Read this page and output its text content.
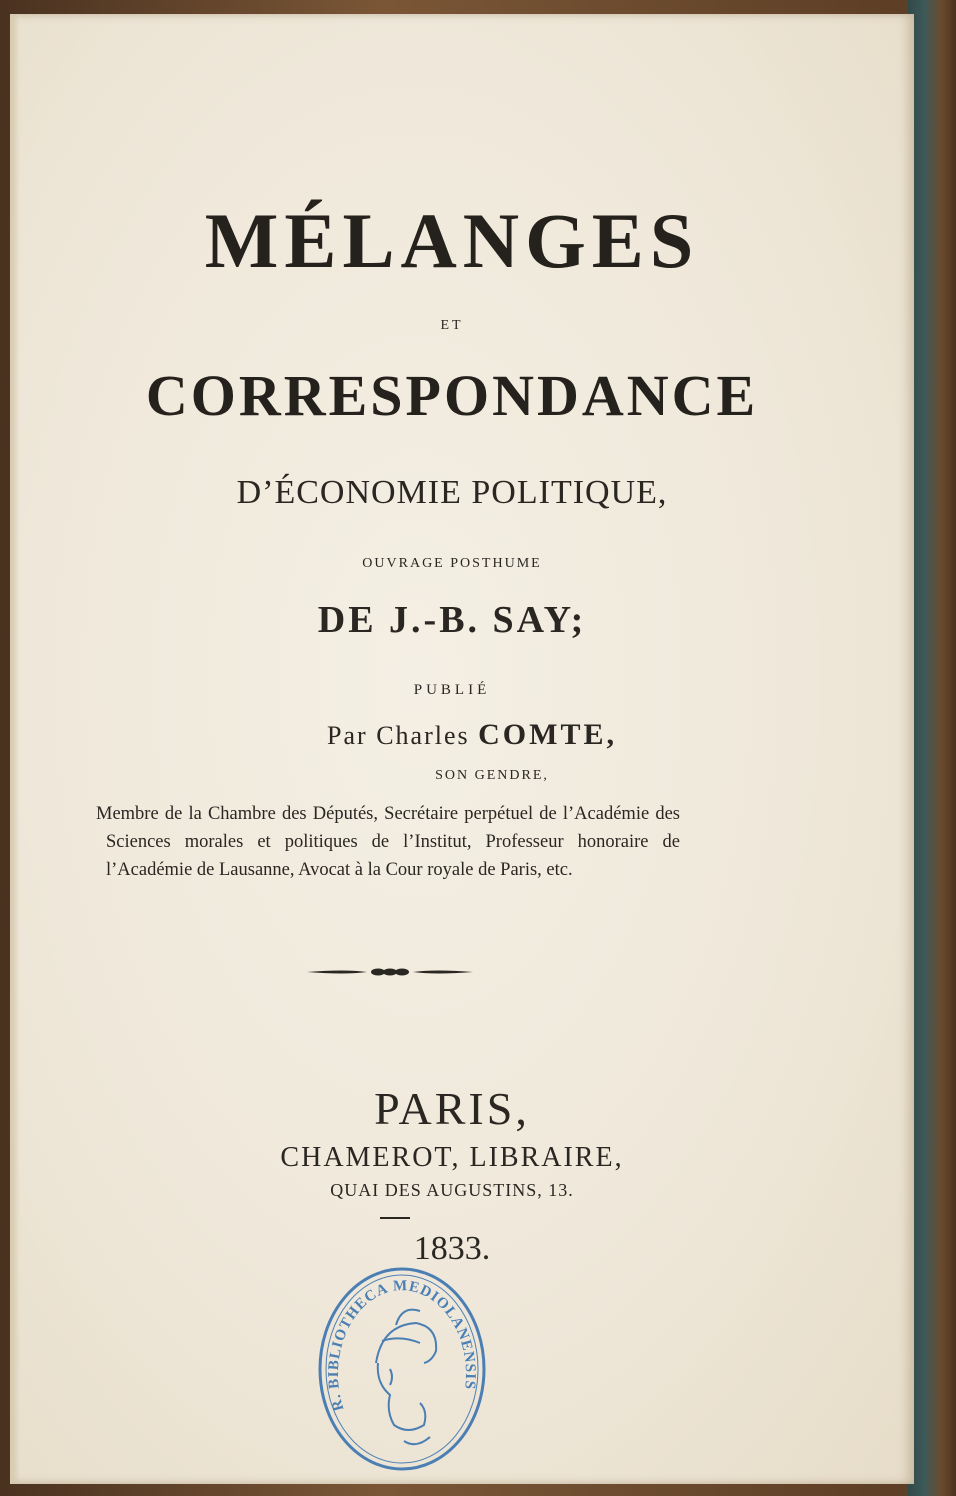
MÉLANGES
ET
CORRESPONDANCE
D’ÉCONOMIE POLITIQUE,
OUVRAGE POSTHUME
DE J.-B. SAY;
PUBLIÉ
Par Charles COMTE,
SON GENDRE,
Membre de la Chambre des Députés, Secrétaire perpétuel de l’Académie des Sciences morales et politiques de l’Institut, Professeur honoraire de l’Académie de Lausanne, Avocat à la Cour royale de Paris, etc.
PARIS,
CHAMEROT, LIBRAIRE,
QUAI DES AUGUSTINS, 13.
1833.
R. BIBLIOTHECA MEDIOLANENSIS
